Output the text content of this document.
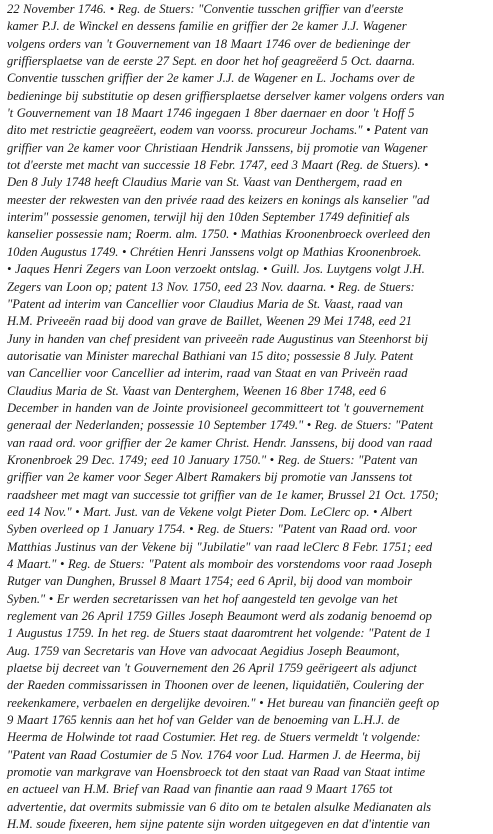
22 November 1746. • Reg. de Stuers: "Conventie tusschen griffier van d'eerste
kamer P.J. de Winckel en dessens familie en griffier der 2e kamer J.J. Wagener
volgens orders van 't Gouvernement van 18 Maart 1746 over de bedieninge der
griffiersplaetse van de eerste 27 Sept. en door het hof geagreëerd 5 Oct. daarna.
Conventie tusschen griffier der 2e kamer J.J. de Wagener en L. Jochams over de
bedieninge bij substitutie op desen griffiersplaetse derselver kamer volgens orders van
't Gouvernement van 18 Maart 1746 ingegaen 1 8ber daernaer en door 't Hoff 5
dito met restrictie geagreëert, eodem van voorss. procureur Jochams." • Patent van
griffier van 2e kamer voor Christiaan Hendrik Janssens, bij promotie van Wagener
tot d'eerste met macht van successie 18 Febr. 1747, eed 3 Maart (Reg. de Stuers). •
Den 8 July 1748 heeft Claudius Marie van St. Vaast van Denthergem, raad en
meester der rekwesten van den privée raad des keizers en konings als kanselier "ad
interim" possessie genomen, terwijl hij den 10den September 1749 definitief als
kanselier possessie nam; Roerm. alm. 1750. • Mathias Kroonenbroeck overleed den
10den Augustus 1749. • Chrétien Henri Janssens volgt op Mathias Kroonenbroek.
• Jaques Henri Zegers van Loon verzoekt ontslag. • Guill. Jos. Luytgens volgt J.H.
Zegers van Loon op; patent 13 Nov. 1750, eed 23 Nov. daarna. • Reg. de Stuers:
"Patent ad interim van Cancellier voor Claudius Maria de St. Vaast, raad van
H.M. Priveeën raad bij dood van grave de Baillet, Weenen 29 Mei 1748, eed 21
Juny in handen van chef president van priveeën rade Augustinus van Steenhorst bij
autorisatie van Minister marechal Bathiani van 15 dito; possessie 8 July. Patent
van Cancellier voor Cancellier ad interim, raad van Staat en van Priveën raad
Claudius Maria de St. Vaast van Denterghem, Weenen 16 8ber 1748, eed 6
December in handen van de Jointe provisioneel gecommitteert tot 't gouvernement
generaal der Nederlanden; possessie 10 September 1749." • Reg. de Stuers: "Patent
van raad ord. voor griffier der 2e kamer Christ. Hendr. Janssens, bij dood van raad
Kronenbroek 29 Dec. 1749; eed 10 January 1750." • Reg. de Stuers: "Patent van
griffier van 2e kamer voor Seger Albert Ramakers bij promotie van Janssens tot
raadsheer met magt van successie tot griffier van de 1e kamer, Brussel 21 Oct. 1750;
eed 14 Nov." • Mart. Just. van de Vekene volgt Pieter Dom. LeClerc op. • Albert
Syben overleed op 1 January 1754. • Reg. de Stuers: "Patent van Raad ord. voor
Matthias Justinus van der Vekene bij "Jubilatie" van raad leClerc 8 Febr. 1751; eed
4 Maart." • Reg. de Stuers: "Patent als momboir des vorstendoms voor raad Joseph
Rutger van Dunghen, Brussel 8 Maart 1754; eed 6 April, bij dood van momboir
Syben." • Er werden secretarissen van het hof aangesteld ten gevolge van het
reglement van 26 April 1759 Gilles Joseph Beaumont werd als zodanig benoemd op
1 Augustus 1759. In het reg. de Stuers staat daaromtrent het volgende: "Patent de 1
Aug. 1759 van Secretaris van Hove van advocaat Aegidius Joseph Beaumont,
plaetse bij decreet van 't Gouvernement den 26 April 1759 geërigeert als adjunct
der Raeden commissarissen in Thoonen over de leenen, liquidatiën, Coulering der
reekenkamere, verbaelen en dergelijke devoiren." • Het bureau van financiën geeft op
9 Maart 1765 kennis aan het hof van Gelder van de benoeming van L.H.J. de
Heerma de Holwinde tot raad Costumier. Het reg. de Stuers vermeldt 't volgende:
"Patent van Raad Costumier de 5 Nov. 1764 voor Lud. Harmen J. de Heerma, bij
promotie van markgrave van Hoensbroeck tot den staat van Raad van Staat intime
en actueel van H.M. Brief van Raad van finantie aan raad 9 Maart 1765 tot
advertentie, dat overmits submissie van 6 dito om te betalen alsulke Medianaten als
H.M. soude fixeeren, hem sijne patente sijn worden uitgegeven en dat d'intentie van
